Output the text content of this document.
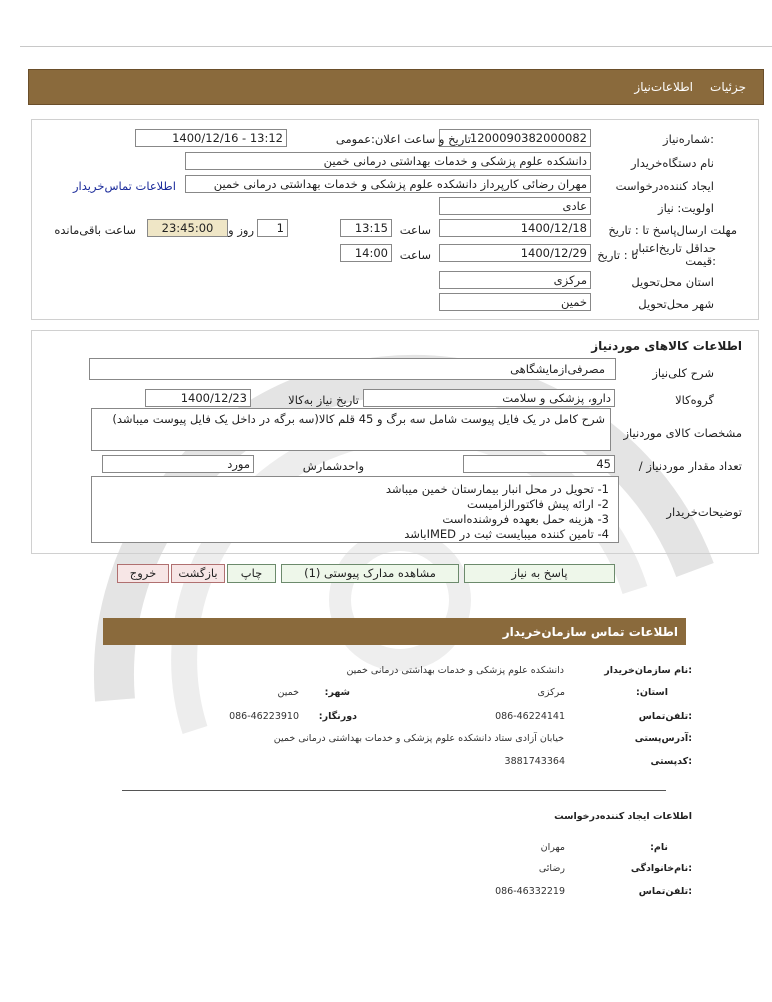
جزئيات
اطلاعات‌نیاز
شماره‌نیاز:
1200090382000082
تاریخ و ساعت اعلان:عمومی
1400/12/16 - 13:12
نام دستگاه‌خریدار
دانشکده علوم پزشکی و خدمات بهداشتی درمانی خمین
ایجاد کننده‌درخواست
مهران رضائی کارپرداز دانشکده علوم پزشکی و خدمات بهداشتی درمانی خمین
اطلاعات تماس‌خریدار
اولویت: نیاز
عادی
مهلت ارسال‌پاسخ تا : تاریخ
1400/12/18
ساعت
13:15
1
روز و
23:45:00
ساعت باقی‌مانده
حداقل تاریخ‌اعتبار قیمت:
تا : تاریخ
1400/12/29
ساعت
14:00
استان محل‌تحویل
مرکزی
شهر محل‌تحویل
خمین
اطلاعات کالاهای موردنیاز
شرح کلی‌نیاز
مصرفی‌ازمایشگاهی
گروه‌کالا
دارو، پزشکی و سلامت
تاریخ نیاز به‌کالا
1400/12/23
مشخصات کالای مورد‌نیاز
شرح کامل در یک فایل پیوست شامل سه برگ و 45 قلم کالا(سه برگه در داخل یک فایل پیوست میباشد)
/ تعداد مقدار مورد‌نیاز
45
واحد‌شمارش
مورد
توضیحات‌خریدار
1- تحویل در محل انبار بیمارستان خمین میباشد
2- ارائه پیش فاکتورالزامیست
3- هزینه حمل بعهده فروشنده‌است
4- تامین کننده میبایست ثبت در IMEDباشد
پاسخ به نیاز
مشاهده مدارک پیوستی (1)
چاپ
بازگشت
خروج
اطلاعات تماس سازمان‌خریدار
نام سازمان‌خریدار:
دانشکده علوم پزشکی و خدمات بهداشتی درمانی خمین
:استان
مرکزی
:شهر
خمین
تلفن‌تماس:
086-46224141
:دورنگار
086-46223910
آدرس‌پستی:
خیابان آزادی ستاد دانشکده علوم پزشکی و خدمات بهداشتی درمانی خمین
کد‌پستی:
3881743364
اطلاعات ایجاد کننده‌درخواست
:نام
مهران
نام‌خانوادگی:
رضائی
تلفن‌تماس:
086-46332219
